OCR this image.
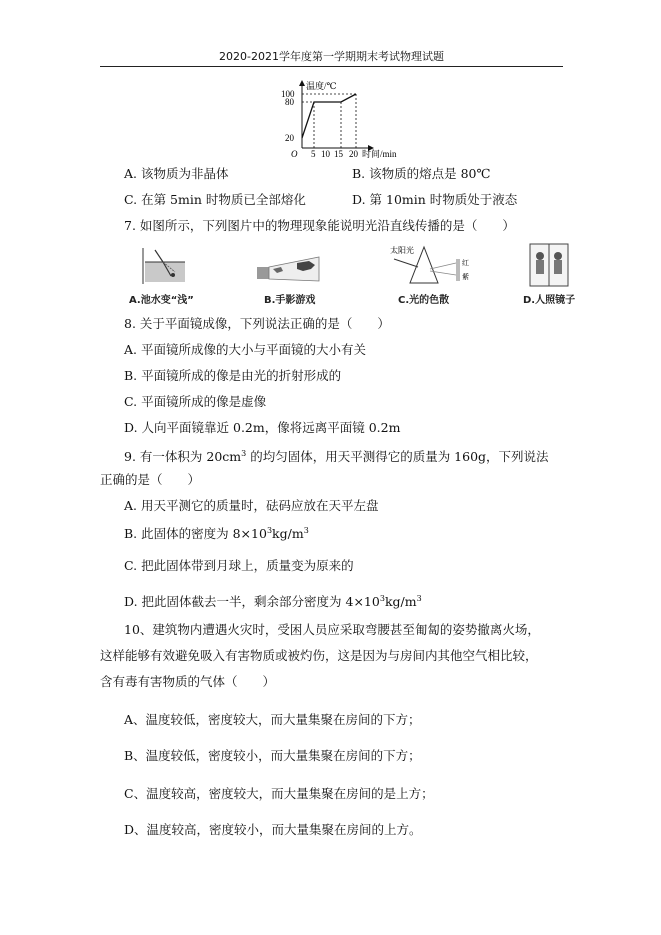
2020-2021学年度第一学期期末考试物理试题
温度/℃
100
80
20
O 5 10 15 20 时间/min
A. 该物质为非晶体	B. 该物质的熔点是 80℃
C. 在第 5min 时物质已全部熔化	D. 第 10min 时物质处于液态
7. 如图所示，下列图片中的物理现象能说明光沿直线传播的是（　　）
A.池水变“浅”	B.手影游戏
太阳光
红
紫
C.光的色散	D.人照镜子
8. 关于平面镜成像，下列说法正确的是（　　）
A. 平面镜所成像的大小与平面镜的大小有关
B. 平面镜所成的像是由光的折射形成的
C. 平面镜所成的像是虚像
D. 人向平面镜靠近 0.2m，像将远离平面镜 0.2m
9. 有一体积为 $20cm^3$ 的均匀固体，用天平测得它的质量为 160g，下列说法
正确的是（　　）
A. 用天平测它的质量时，砝码应放在天平左盘
B. 此固体的密度为 $8\times 10^3kg/m^3$
C. 把此固体带到月球上，质量变为原来的
D. 把此固体截去一半，剩余部分密度为 $4\times 10^3kg/m^3$
10、建筑物内遭遇火灾时，受困人员应采取弯腰甚至匍匐的姿势撤离火场，
这样能够有效避免吸入有害物质或被灼伤，这是因为与房间内其他空气相比较，
含有毒有害物质的气体（　　）
A、温度较低，密度较大，而大量集聚在房间的下方；
B、温度较低，密度较小，而大量集聚在房间的下方；
C、温度较高，密度较大，而大量集聚在房间的是上方；
D、温度较高，密度较小，而大量集聚在房间的上方。
